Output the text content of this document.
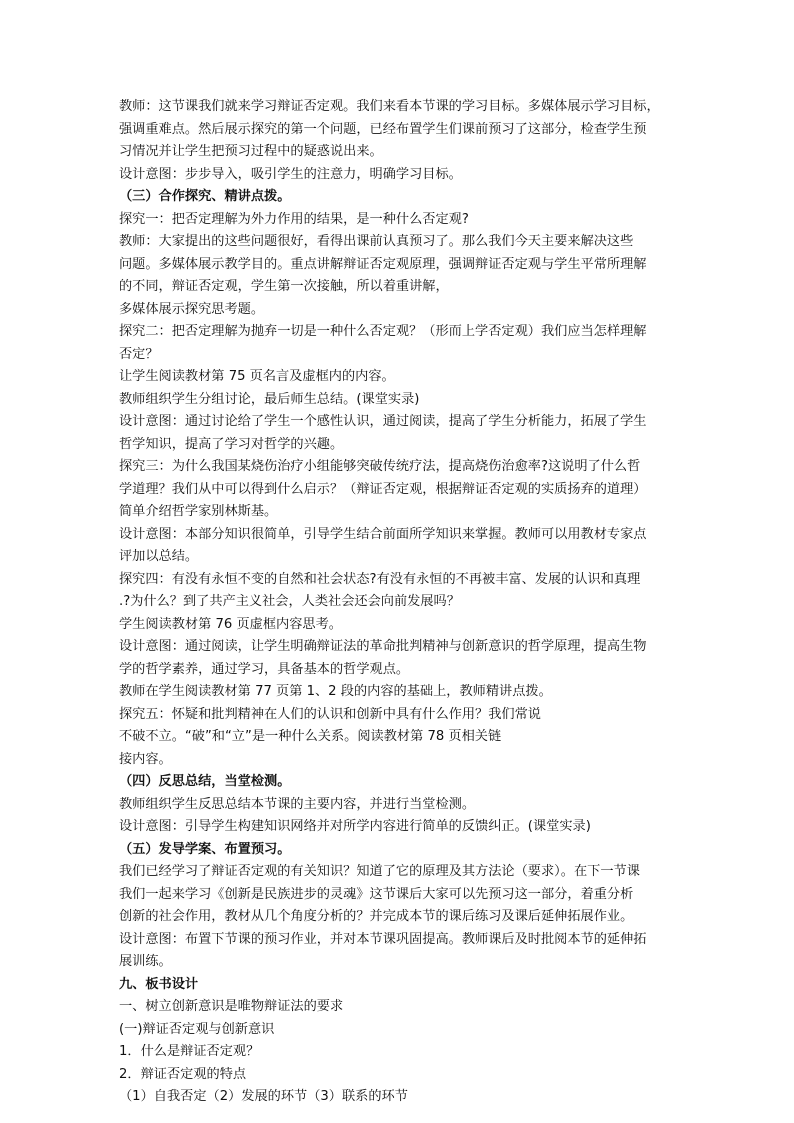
教师：这节课我们就来学习辩证否定观。我们来看本节课的学习目标。多媒体展示学习目标，

强调重难点。然后展示探究的第一个问题，已经布置学生们课前预习了这部分，检查学生预

习情况并让学生把预习过程中的疑惑说出来。

设计意图：步步导入，吸引学生的注意力，明确学习目标。

（三）合作探究、精讲点拨。

探究一：把否定理解为外力作用的结果，是一种什么否定观?

教师：大家提出的这些问题很好，看得出课前认真预习了。那么我们今天主要来解决这些

问题。多媒体展示教学目的。重点讲解辩证否定观原理，强调辩证否定观与学生平常所理解

的不同，辩证否定观，学生第一次接触，所以着重讲解，

多媒体展示探究思考题。

探究二：把否定理解为抛弃一切是一种什么否定观？（形而上学否定观）我们应当怎样理解

否定？

让学生阅读教材第 75 页名言及虚框内的内容。

教师组织学生分组讨论，最后师生总结。(课堂实录)

设计意图：通过讨论给了学生一个感性认识，通过阅读，提高了学生分析能力，拓展了学生

哲学知识，提高了学习对哲学的兴趣。

探究三：为什么我国某烧伤治疗小组能够突破传统疗法，提高烧伤治愈率?这说明了什么哲

学道理？我们从中可以得到什么启示？（辩证否定观，根据辩证否定观的实质扬弃的道理）

简单介绍哲学家别林斯基。

设计意图：本部分知识很简单，引导学生结合前面所学知识来掌握。教师可以用教材专家点

评加以总结。

探究四：有没有永恒不变的自然和社会状态?有没有永恒的不再被丰富、发展的认识和真理

.?为什么？到了共产主义社会，人类社会还会向前发展吗？

学生阅读教材第 76 页虚框内容思考。

设计意图：通过阅读，让学生明确辩证法的革命批判精神与创新意识的哲学原理，提高生物

学的哲学素养，通过学习，具备基本的哲学观点。

教师在学生阅读教材第 77 页第 1、2 段的内容的基础上，教师精讲点拨。

探究五：怀疑和批判精神在人们的认识和创新中具有什么作用？我们常说

不破不立。“破”和“立”是一种什么关系。阅读教材第 78 页相关链

接内容。

（四）反思总结，当堂检测。

教师组织学生反思总结本节课的主要内容，并进行当堂检测。

设计意图：引导学生构建知识网络并对所学内容进行简单的反馈纠正。(课堂实录)

（五）发导学案、布置预习。

我们已经学习了辩证否定观的有关知识？知道了它的原理及其方法论（要求）。在下一节课

我们一起来学习《创新是民族进步的灵魂》这节课后大家可以先预习这一部分，着重分析

创新的社会作用，教材从几个角度分析的？并完成本节的课后练习及课后延伸拓展作业。

设计意图：布置下节课的预习作业，并对本节课巩固提高。教师课后及时批阅本节的延伸拓

展训练。

九、板书设计

一、树立创新意识是唯物辩证法的要求

(一)辩证否定观与创新意识

1．什么是辩证否定观？

2．辩证否定观的特点

（1）自我否定（2）发展的环节（3）联系的环节
